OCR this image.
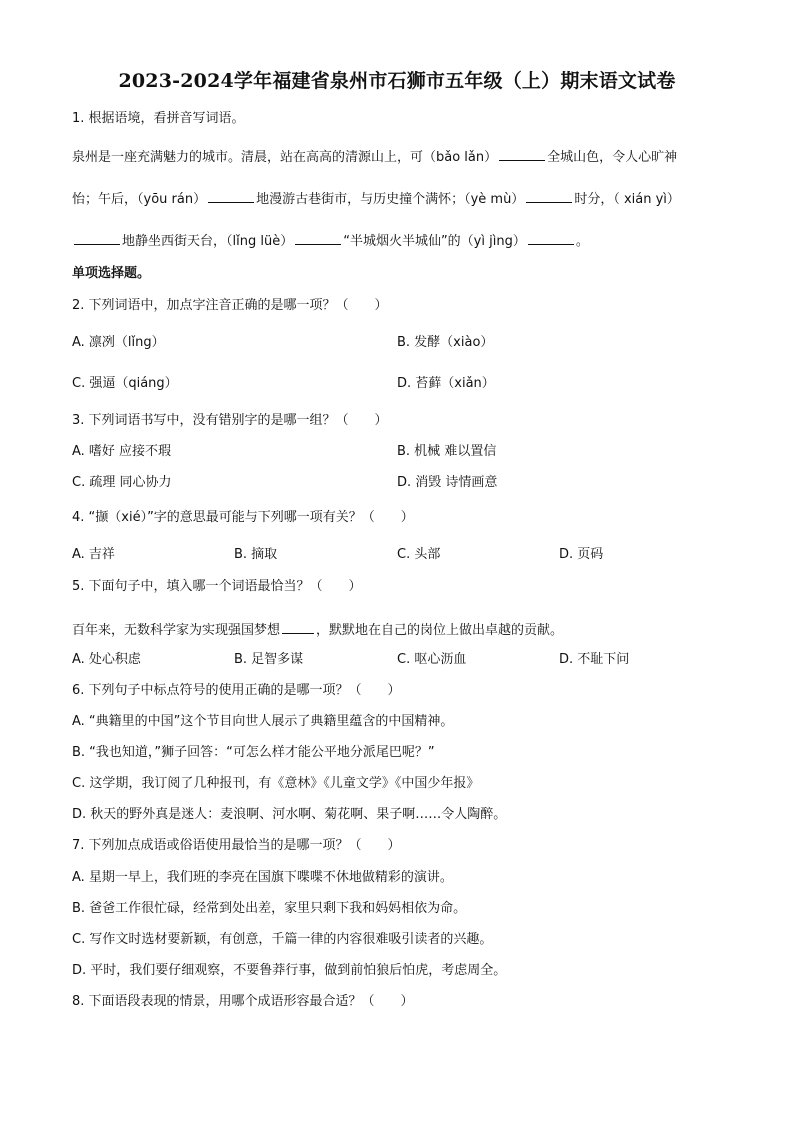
2023-2024学年福建省泉州市石狮市五年级（上）期末语文试卷
1. 根据语境，看拼音写词语。
泉州是一座充满魅力的城市。清晨，站在高高的清源山上，可（bǎo lǎn）	全城山色，令人心旷神
怡；午后，（yōu rán）	地漫游古巷街市，与历史撞个满怀；（yè mù）	时分，（ xián yì）
地静坐西街天台，（lǐng lüè）	“半城烟火半城仙”的（yì jìng）	。
单项选择题。
2. 下列词语中，加点字注音正确的是哪一项？（　　）
A. 凛冽（lǐng）	B. 发酵（xiào）
C. 强逼（qiáng）	D. 苔藓（xiǎn）
3. 下列词语书写中，没有错别字的是哪一组？（　　）
A. 嗜好 应接不瑕	B. 机械 难以置信
C. 疏理 同心协力	D. 消毁 诗情画意
4. “撷（xié）”字的意思最可能与下列哪一项有关？（　　）
A. 吉祥	B. 摘取	C. 头部	D. 页码
5. 下面句子中，填入哪一个词语最恰当？（　　）
百年来，无数科学家为实现强国梦想	，默默地在自己的岗位上做出卓越的贡献。
A. 处心积虑	B. 足智多谋	C. 呕心沥血	D. 不耻下问
6. 下列句子中标点符号的使用正确的是哪一项？（　　）
A. “典籍里的中国”这个节目向世人展示了典籍里蕴含的中国精神。
B. “我也知道，”狮子回答：“可怎么样才能公平地分派尾巴呢？”
C. 这学期，我订阅了几种报刊，有《意林》《儿童文学》《中国少年报》
D. 秋天的野外真是迷人：麦浪啊、河水啊、菊花啊、果子啊……令人陶醉。
7. 下列加点成语或俗语使用最恰当的是哪一项？（　　）
A. 星期一早上，我们班的李亮在国旗下喋喋不休地做精彩的演讲。
B. 爸爸工作很忙碌，经常到处出差，家里只剩下我和妈妈相依为命。
C. 写作文时选材要新颖，有创意，千篇一律的内容很难吸引读者的兴趣。
D. 平时，我们要仔细观察，不要鲁莽行事，做到前怕狼后怕虎，考虑周全。
8. 下面语段表现的情景，用哪个成语形容最合适？（　　）
